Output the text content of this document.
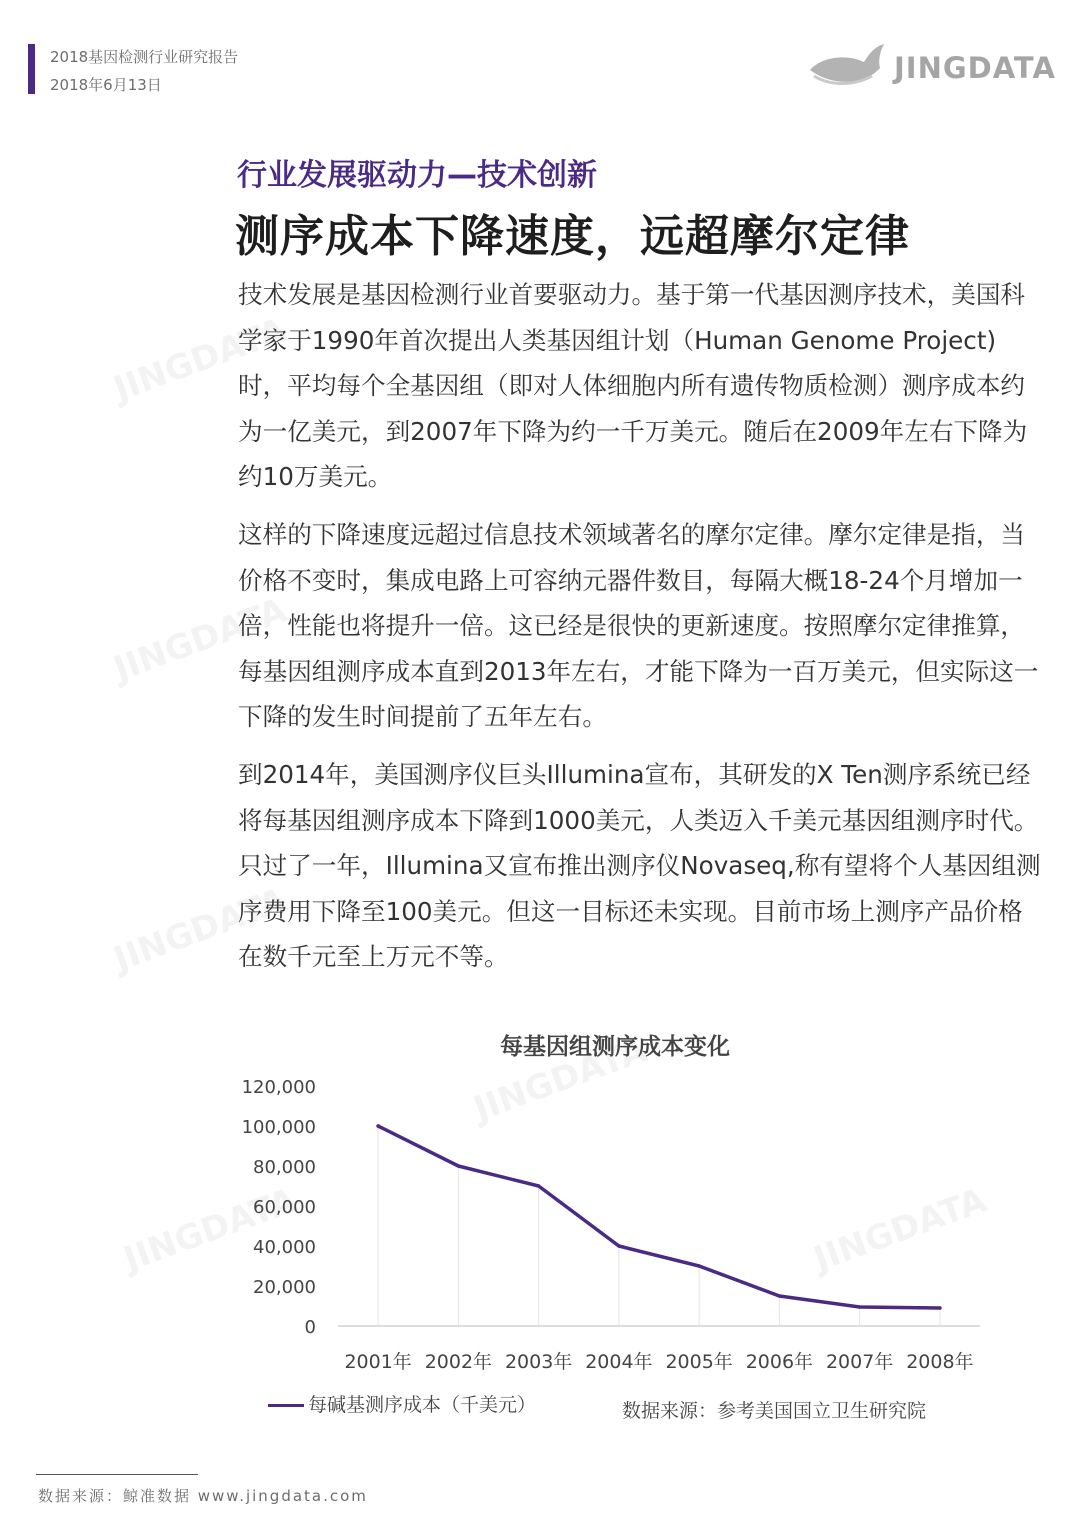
2018基因检测行业研究报告
2018年6月13日	JINGDATA
行业发展驱动力—技术创新
测序成本下降速度，远超摩尔定律

技术发展是基因检测行业首要驱动力。基于第一代基因测序技术，美国科学家于1990年首次提出人类基因组计划（Human Genome Project)时，平均每个全基因组（即对人体细胞内所有遗传物质检测）测序成本约为一亿美元，到2007年下降为约一千万美元。随后在2009年左右下降为约10万美元。

这样的下降速度远超过信息技术领域著名的摩尔定律。摩尔定律是指，当价格不变时，集成电路上可容纳元器件数目，每隔大概18-24个月增加一倍，性能也将提升一倍。这已经是很快的更新速度。按照摩尔定律推算，每基因组测序成本直到2013年左右，才能下降为一百万美元，但实际这一下降的发生时间提前了五年左右。

到2014年，美国测序仪巨头Illumina宣布，其研发的X Ten测序系统已经将每基因组测序成本下降到1000美元，人类迈入千美元基因组测序时代。只过了一年，Illumina又宣布推出测序仪Novaseq,称有望将个人基因组测序费用下降至100美元。但这一目标还未实现。目前市场上测序产品价格在数千元至上万元不等。

每基因组测序成本变化
0
20,000
40,000
60,000
80,000
100,000
120,000
2001年 2002年 2003年 2004年 2005年 2006年 2007年 2008年
每碱基测序成本（千美元）	数据来源：参考美国国立卫生研究院
数据来源：鲸准数据 www.jingdata.com
